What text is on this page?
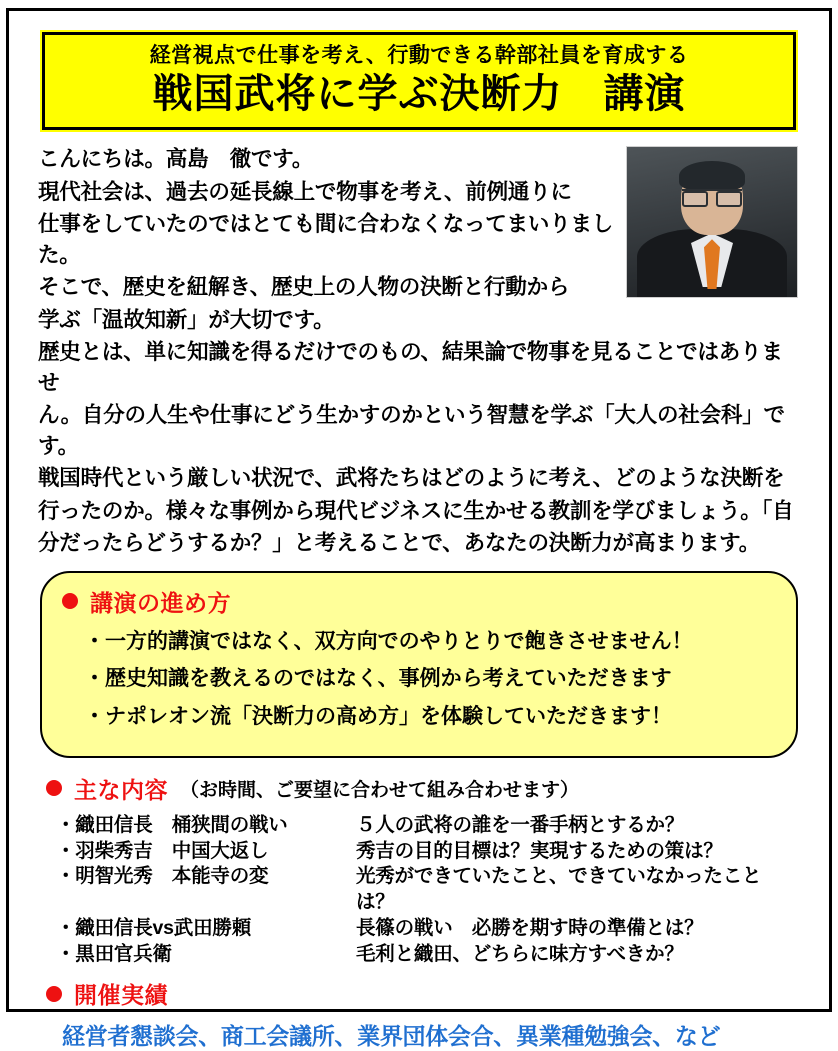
経営視点で仕事を考え、行動できる幹部社員を育成する
戦国武将に学ぶ決断力　講演

こんにちは。高島　徹です。

現代社会は、過去の延長線上で物事を考え、前例通りに

仕事をしていたのではとても間に合わなくなってまいりました。

そこで、歴史を紐解き、歴史上の人物の決断と行動から

学ぶ「温故知新」が大切です。

歴史とは、単に知識を得るだけでのもの、結果論で物事を見ることではありませ

ん。自分の人生や仕事にどう生かすのかという智慧を学ぶ「大人の社会科」です。

戦国時代という厳しい状況で、武将たちはどのように考え、どのような決断を

行ったのか。様々な事例から現代ビジネスに生かせる教訓を学びましょう。「自

分だったらどうするか？」と考えることで、あなたの決断力が高まります。

講演の進め方
・一方的講演ではなく、双方向でのやりとりで飽きさせません！
・歴史知識を教えるのではなく、事例から考えていただきます
・ナポレオン流「決断力の高め方」を体験していただきます！
主な内容 （お時間、ご要望に合わせて組み合わせます）
・織田信長　桶狭間の戦い	５人の武将の誰を一番手柄とするか？
・羽柴秀吉　中国大返し	秀吉の目的目標は？実現するための策は？
・明智光秀　本能寺の変	光秀ができていたこと、できていなかったことは？
・織田信長vs武田勝頼	長篠の戦い　必勝を期す時の準備とは？
・黒田官兵衛	毛利と織田、どちらに味方すべきか？
開催実績
経営者懇談会、商工会議所、業界団体会合、異業種勉強会、など
